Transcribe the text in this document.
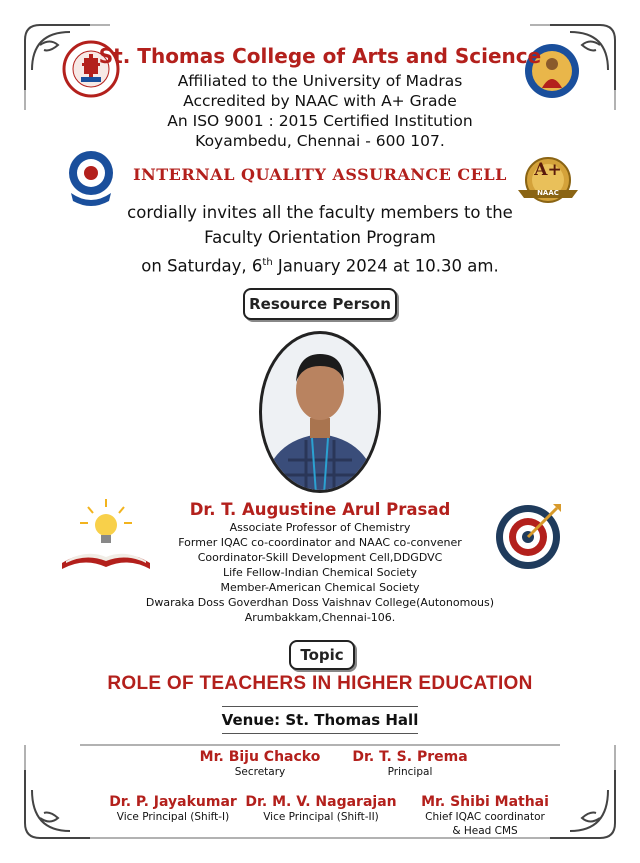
St. Thomas College of Arts and Science
Affiliated to the University of Madras
Accredited by NAAC with A+ Grade
An ISO 9001 : 2015 Certified Institution
Koyambedu, Chennai - 600 107.
INTERNAL QUALITY ASSURANCE CELL	A+
NAAC
cordially invites all the faculty members to the
Faculty Orientation Program
on Saturday, 6th January 2024 at 10.30 am.
Resource Person
Dr. T. Augustine Arul Prasad
Associate Professor of Chemistry
Former IQAC co-coordinator and NAAC co-convener
Coordinator-Skill Development Cell,DDGDVC
Life Fellow-Indian Chemical Society
Member-American Chemical Society
Dwaraka Doss Goverdhan Doss Vaishnav College(Autonomous)
Arumbakkam,Chennai-106.
Topic
ROLE OF TEACHERS IN HIGHER EDUCATION
Venue: St. Thomas Hall
Mr. Biju Chacko
Secretary
Dr. T. S. Prema
Principal
Dr. P. Jayakumar
Vice Principal (Shift-I)
Dr. M. V. Nagarajan
Vice Principal (Shift-II)
Mr. Shibi Mathai
Chief IQAC coordinator
& Head CMS
